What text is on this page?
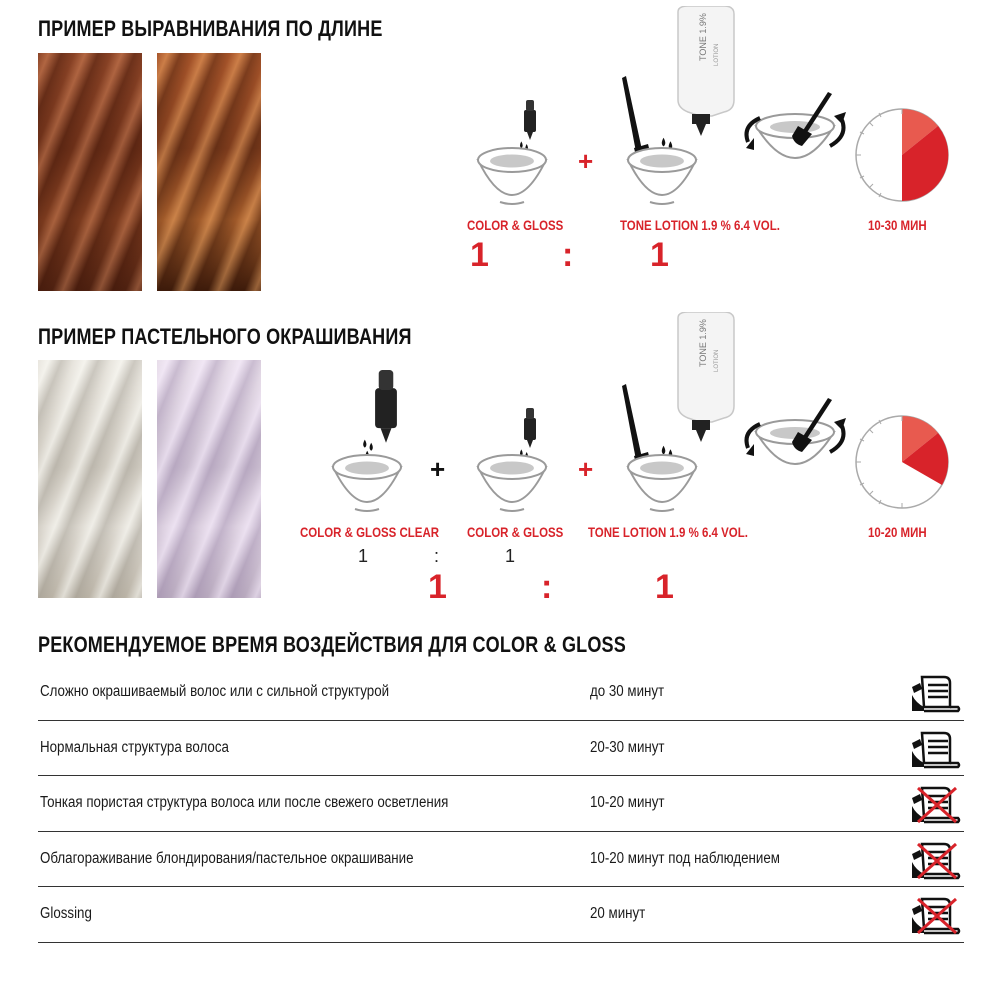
ПРИМЕР ВЫРАВНИВАНИЯ ПО ДЛИНЕ
+
COLOR & GLOSS	TONE LOTION 1.9 % 6.4 VOL.	10-30 МИН
1 : 1
ПРИМЕР ПАСТЕЛЬНОГО ОКРАШИВАНИЯ
+	+
COLOR & GLOSS CLEAR COLOR & GLOSS TONE LOTION 1.9 % 6.4 VOL.	10-20 МИН
1	:	1
1	:	1
РЕКОМЕНДУЕМОЕ ВРЕМЯ ВОЗДЕЙСТВИЯ ДЛЯ COLOR & GLOSS
Сложно окрашиваемый волос или с сильной структурой	до 30 минут
Нормальная структура волоса	20-30 минут
Тонкая пористая структура волоса или после свежего осветления	10-20 минут
Облагораживание блондирования/пастельное окрашивание	10-20 минут под наблюдением
Glossing	20 минут
